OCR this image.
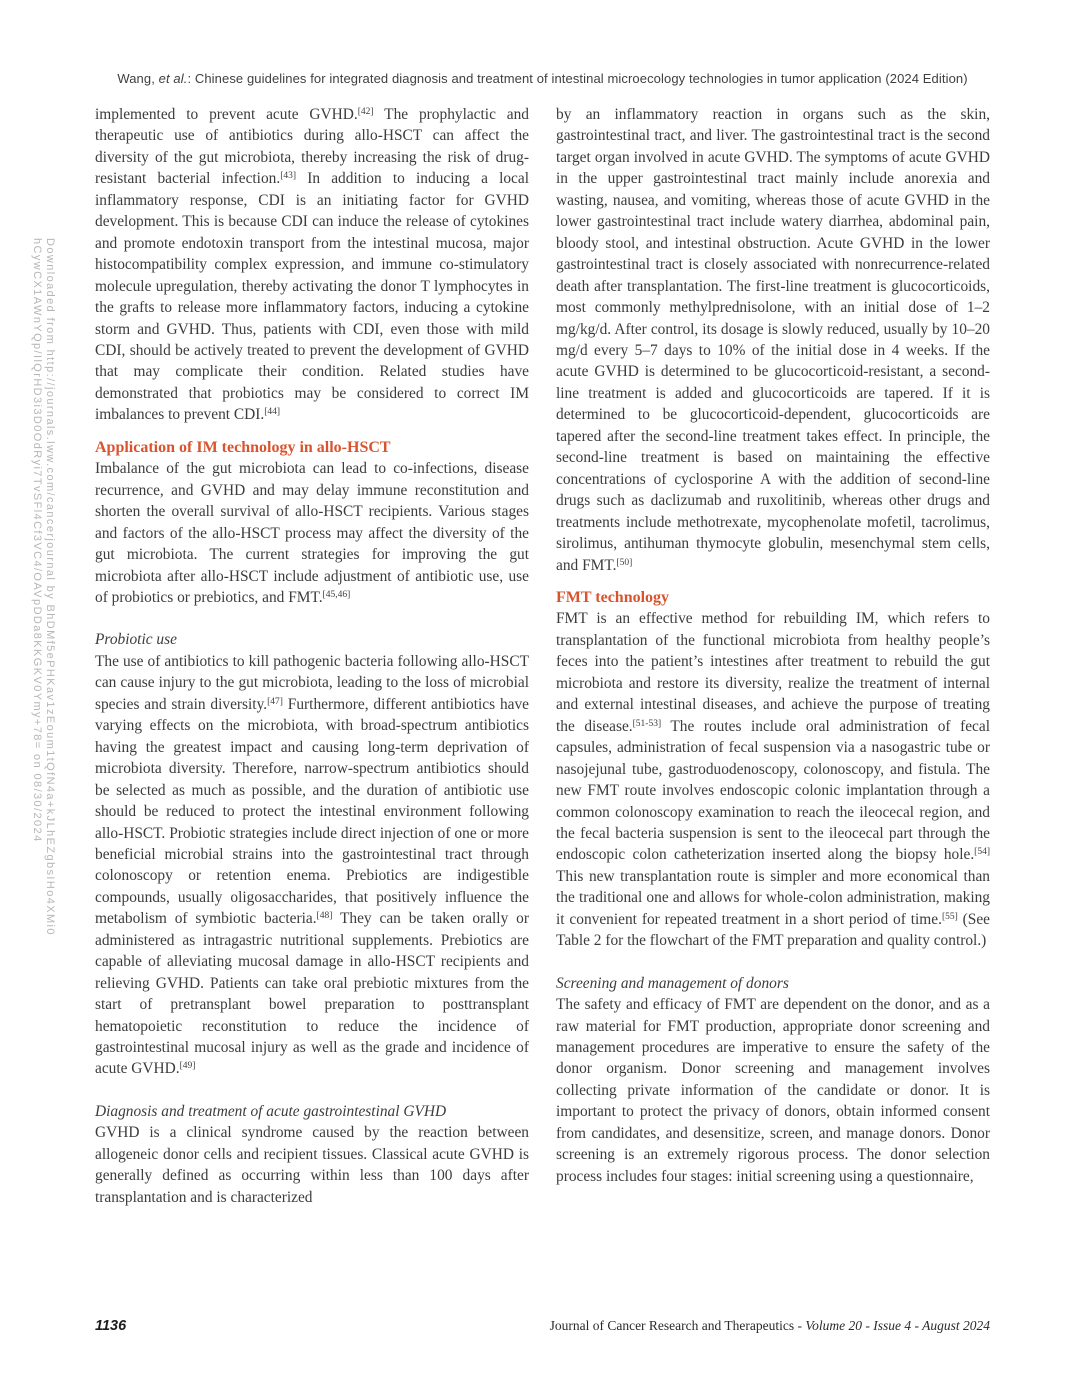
Wang, et al.: Chinese guidelines for integrated diagnosis and treatment of intestinal microecology technologies in tumor application (2024 Edition)
Downloaded from http://journals.lww.com/cancerjournal by BhDMf5ePHKav1zEoum1tQfN4a+kJLhEZgbsIHo4XMi0
hCywCX1AWnYQp/IlQrHD3i3D0OdRyi7TvSFl4Cf3VC4/OAVpDDa8KKGKV0Ymy+78= on 08/30/2024

implemented to prevent acute GVHD.[42] The prophylactic and therapeutic use of antibiotics during allo-HSCT can affect the diversity of the gut microbiota, thereby increasing the risk of drug-resistant bacterial infection.[43] In addition to inducing a local inflammatory response, CDI is an initiating factor for GVHD development. This is because CDI can induce the release of cytokines and promote endotoxin transport from the intestinal mucosa, major histocompatibility complex expression, and immune co-stimulatory molecule upregulation, thereby activating the donor T lymphocytes in the grafts to release more inflammatory factors, inducing a cytokine storm and GVHD. Thus, patients with CDI, even those with mild CDI, should be actively treated to prevent the development of GVHD that may complicate their condition. Related studies have demonstrated that probiotics may be considered to correct IM imbalances to prevent CDI.[44]

Application of IM technology in allo-HSCT

Imbalance of the gut microbiota can lead to co-infections, disease recurrence, and GVHD and may delay immune reconstitution and shorten the overall survival of allo-HSCT recipients. Various stages and factors of the allo-HSCT process may affect the diversity of the gut microbiota. The current strategies for improving the gut microbiota after allo-HSCT include adjustment of antibiotic use, use of probiotics or prebiotics, and FMT.[45,46]

Probiotic use

The use of antibiotics to kill pathogenic bacteria following allo-HSCT can cause injury to the gut microbiota, leading to the loss of microbial species and strain diversity.[47] Furthermore, different antibiotics have varying effects on the microbiota, with broad-spectrum antibiotics having the greatest impact and causing long-term deprivation of microbiota diversity. Therefore, narrow-spectrum antibiotics should be selected as much as possible, and the duration of antibiotic use should be reduced to protect the intestinal environment following allo-HSCT. Probiotic strategies include direct injection of one or more beneficial microbial strains into the gastrointestinal tract through colonoscopy or retention enema. Prebiotics are indigestible compounds, usually oligosaccharides, that positively influence the metabolism of symbiotic bacteria.[48] They can be taken orally or administered as intragastric nutritional supplements. Prebiotics are capable of alleviating mucosal damage in allo-HSCT recipients and relieving GVHD. Patients can take oral prebiotic mixtures from the start of pretransplant bowel preparation to posttransplant hematopoietic reconstitution to reduce the incidence of gastrointestinal mucosal injury as well as the grade and incidence of acute GVHD.[49]

Diagnosis and treatment of acute gastrointestinal GVHD

GVHD is a clinical syndrome caused by the reaction between allogeneic donor cells and recipient tissues. Classical acute GVHD is generally defined as occurring within less than 100 days after transplantation and is characterized

by an inflammatory reaction in organs such as the skin, gastrointestinal tract, and liver. The gastrointestinal tract is the second target organ involved in acute GVHD. The symptoms of acute GVHD in the upper gastrointestinal tract mainly include anorexia and wasting, nausea, and vomiting, whereas those of acute GVHD in the lower gastrointestinal tract include watery diarrhea, abdominal pain, bloody stool, and intestinal obstruction. Acute GVHD in the lower gastrointestinal tract is closely associated with nonrecurrence-related death after transplantation. The first-line treatment is glucocorticoids, most commonly methylprednisolone, with an initial dose of 1–2 mg/kg/d. After control, its dosage is slowly reduced, usually by 10–20 mg/d every 5–7 days to 10% of the initial dose in 4 weeks. If the acute GVHD is determined to be glucocorticoid-resistant, a second-line treatment is added and glucocorticoids are tapered. If it is determined to be glucocorticoid-dependent, glucocorticoids are tapered after the second-line treatment takes effect. In principle, the second-line treatment is based on maintaining the effective concentrations of cyclosporine A with the addition of second-line drugs such as daclizumab and ruxolitinib, whereas other drugs and treatments include methotrexate, mycophenolate mofetil, tacrolimus, sirolimus, antihuman thymocyte globulin, mesenchymal stem cells, and FMT.[50]

FMT technology

FMT is an effective method for rebuilding IM, which refers to transplantation of the functional microbiota from healthy people’s feces into the patient’s intestines after treatment to rebuild the gut microbiota and restore its diversity, realize the treatment of internal and external intestinal diseases, and achieve the purpose of treating the disease.[51-53] The routes include oral administration of fecal capsules, administration of fecal suspension via a nasogastric tube or nasojejunal tube, gastroduodenoscopy, colonoscopy, and fistula. The new FMT route involves endoscopic colonic implantation through a common colonoscopy examination to reach the ileocecal region, and the fecal bacteria suspension is sent to the ileocecal part through the endoscopic colon catheterization inserted along the biopsy hole.[54] This new transplantation route is simpler and more economical than the traditional one and allows for whole-colon administration, making it convenient for repeated treatment in a short period of time.[55] (See Table 2 for the flowchart of the FMT preparation and quality control.)

Screening and management of donors

The safety and efficacy of FMT are dependent on the donor, and as a raw material for FMT production, appropriate donor screening and management procedures are imperative to ensure the safety of the donor organism. Donor screening and management involves collecting private information of the candidate or donor. It is important to protect the privacy of donors, obtain informed consent from candidates, and desensitize, screen, and manage donors. Donor screening is an extremely rigorous process. The donor selection process includes four stages: initial screening using a questionnaire,

1136	Journal of Cancer Research and Therapeutics - Volume 20 - Issue 4 - August 2024
